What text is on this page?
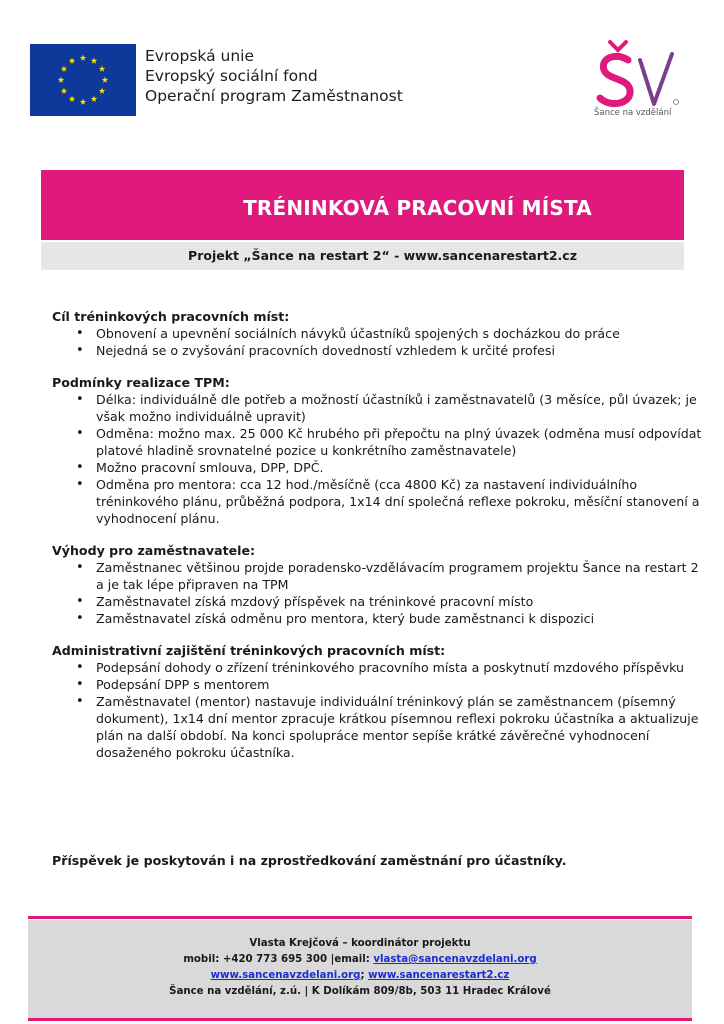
Evropská unie
Evropský sociální fond
Operační program Zaměstnanost
Šance na vzdělání
TRÉNINKOVÁ PRACOVNÍ MÍSTA
Projekt „Šance na restart 2“ - www.sancenarestart2.cz
Cíl tréninkových pracovních míst:
• Obnovení a upevnění sociálních návyků účastníků spojených s docházkou do práce
• Nejedná se o zvyšování pracovních dovedností vzhledem k určité profesi
Podmínky realizace TPM:
• Délka: individuálně dle potřeb a možností účastníků i zaměstnavatelů (3 měsíce, půl úvazek; je však možno individuálně upravit)
• Odměna: možno max. 25 000 Kč hrubého při přepočtu na plný úvazek (odměna musí odpovídat platové hladině srovnatelné pozice u konkrétního zaměstnavatele)
• Možno pracovní smlouva, DPP, DPČ.
• Odměna pro mentora: cca 12 hod./měsíčně (cca 4800 Kč) za nastavení individuálního tréninkového plánu, průběžná podpora, 1x14 dní společná reflexe pokroku, měsíční stanovení a vyhodnocení plánu.
Výhody pro zaměstnavatele:
• Zaměstnanec většinou projde poradensko-vzdělávacím programem projektu Šance na restart 2 a je tak lépe připraven na TPM
• Zaměstnavatel získá mzdový příspěvek na tréninkové pracovní místo
• Zaměstnavatel získá odměnu pro mentora, který bude zaměstnanci k dispozici
Administrativní zajištění tréninkových pracovních míst:
• Podepsání dohody o zřízení tréninkového pracovního místa a poskytnutí mzdového příspěvku
• Podepsání DPP s mentorem
• Zaměstnavatel (mentor) nastavuje individuální tréninkový plán se zaměstnancem (písemný dokument), 1x14 dní mentor zpracuje krátkou písemnou reflexi pokroku účastníka a aktualizuje plán na další období. Na konci spolupráce mentor sepíše krátké závěrečné vyhodnocení dosaženého pokroku účastníka.
Příspěvek je poskytován i na zprostředkování zaměstnání pro účastníky.
Vlasta Krejčová – koordinátor projektu
mobil: +420 773 695 300 |email: vlasta@sancenavzdelani.org
www.sancenavzdelani.org; www.sancenarestart2.cz
Šance na vzdělání, z.ú. | K Dolíkám 809/8b, 503 11 Hradec Králové
